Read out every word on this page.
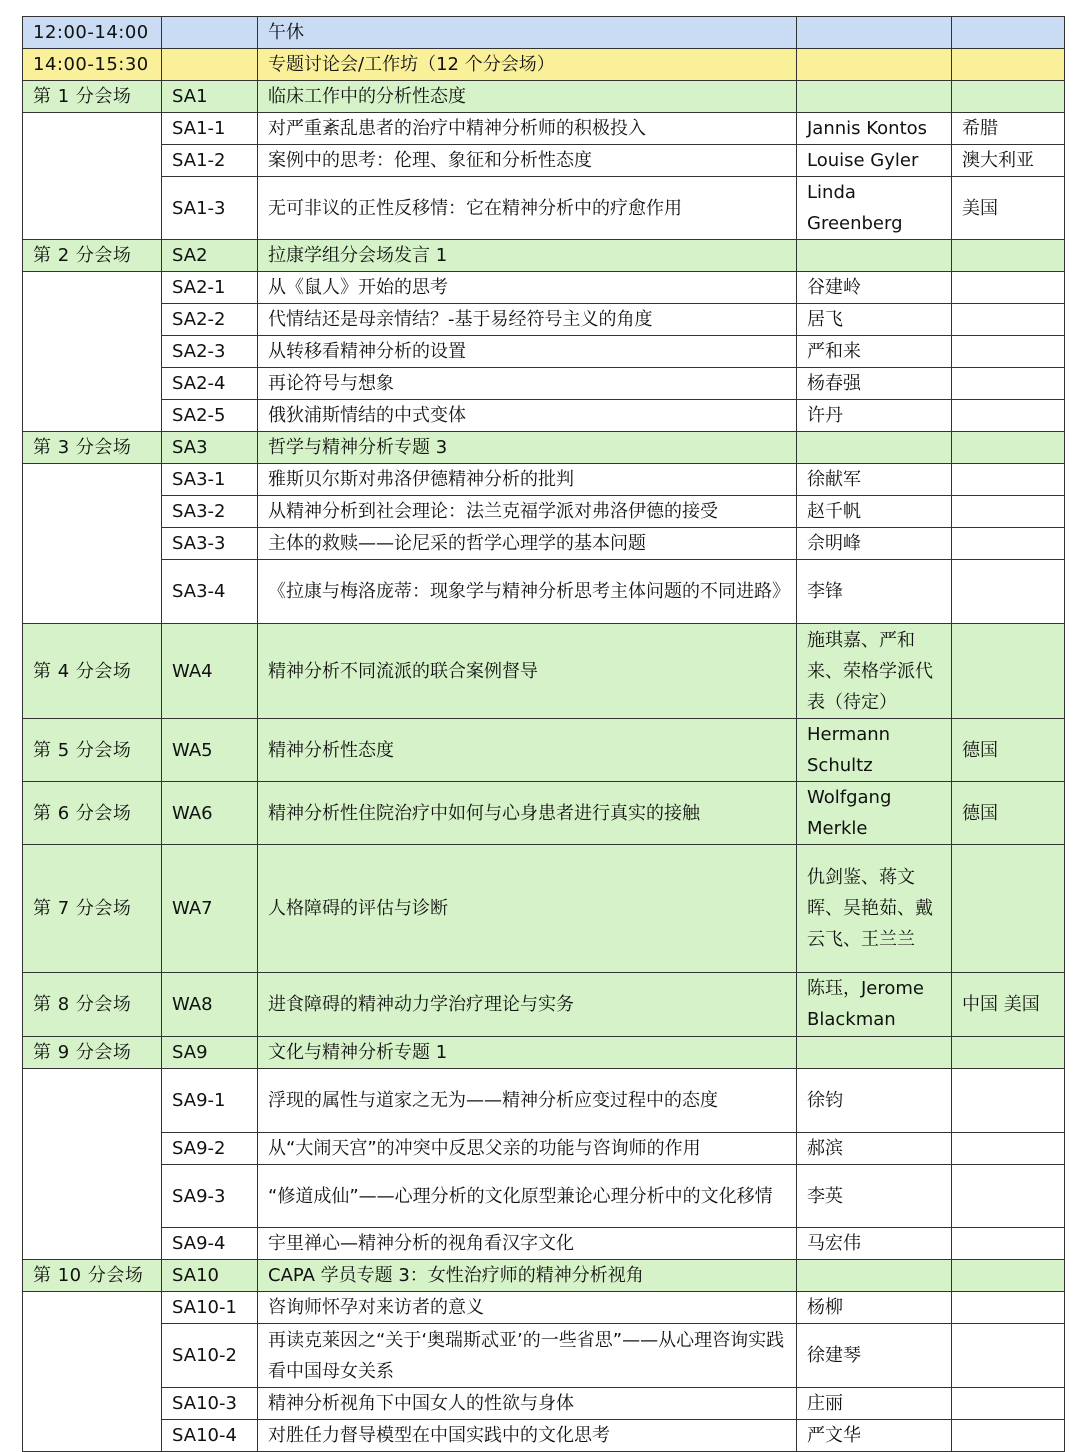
12:00-14:00		午休		
14:00-15:30		专题讨论会/工作坊（12 个分会场）		
第 1 分会场	SA1	临床工作中的分析性态度		
	SA1-1	对严重紊乱患者的治疗中精神分析师的积极投入	Jannis Kontos	希腊
	SA1-2	案例中的思考：伦理、象征和分析性态度	Louise Gyler	澳大利亚
	SA1-3	无可非议的正性反移情：它在精神分析中的疗愈作用	Linda Greenberg	美国
第 2 分会场	SA2	拉康学组分会场发言 1		
	SA2-1	从《鼠人》开始的思考	谷建岭	
	SA2-2	代情结还是母亲情结？-基于易经符号主义的角度	居飞	
	SA2-3	从转移看精神分析的设置	严和来	
	SA2-4	再论符号与想象	杨春强	
	SA2-5	俄狄浦斯情结的中式变体	许丹	
第 3 分会场	SA3	哲学与精神分析专题 3		
	SA3-1	雅斯贝尔斯对弗洛伊德精神分析的批判	徐献军	
	SA3-2	从精神分析到社会理论：法兰克福学派对弗洛伊德的接受	赵千帆	
	SA3-3	主体的救赎——论尼采的哲学心理学的基本问题	佘明峰	
	SA3-4	《拉康与梅洛庞蒂：现象学与精神分析思考主体问题的不同进路》	李锋	
第 4 分会场	WA4	精神分析不同流派的联合案例督导	施琪嘉、严和来、荣格学派代表（待定）	
第 5 分会场	WA5	精神分析性态度	Hermann Schultz	德国
第 6 分会场	WA6	精神分析性住院治疗中如何与心身患者进行真实的接触	Wolfgang Merkle	德国
第 7 分会场	WA7	人格障碍的评估与诊断	仇剑鉴、蒋文晖、吴艳茹、戴云飞、王兰兰	
第 8 分会场	WA8	进食障碍的精神动力学治疗理论与实务	陈珏，Jerome Blackman	中国 美国
第 9 分会场	SA9	文化与精神分析专题 1		
	SA9-1	浮现的属性与道家之无为——精神分析应变过程中的态度	徐钧	
	SA9-2	从“大闹天宫”的冲突中反思父亲的功能与咨询师的作用	郝滨	
	SA9-3	“修道成仙”——心理分析的文化原型兼论心理分析中的文化移情	李英	
	SA9-4	宇里禅心—精神分析的视角看汉字文化	马宏伟	
第 10 分会场	SA10	CAPA 学员专题 3：女性治疗师的精神分析视角		
	SA10-1	咨询师怀孕对来访者的意义	杨柳	
	SA10-2	再读克莱因之“关于‘奥瑞斯忒亚’的一些省思”——从心理咨询实践看中国母女关系	徐建琴	
	SA10-3	精神分析视角下中国女人的性欲与身体	庄丽	
	SA10-4	对胜任力督导模型在中国实践中的文化思考	严文华	
